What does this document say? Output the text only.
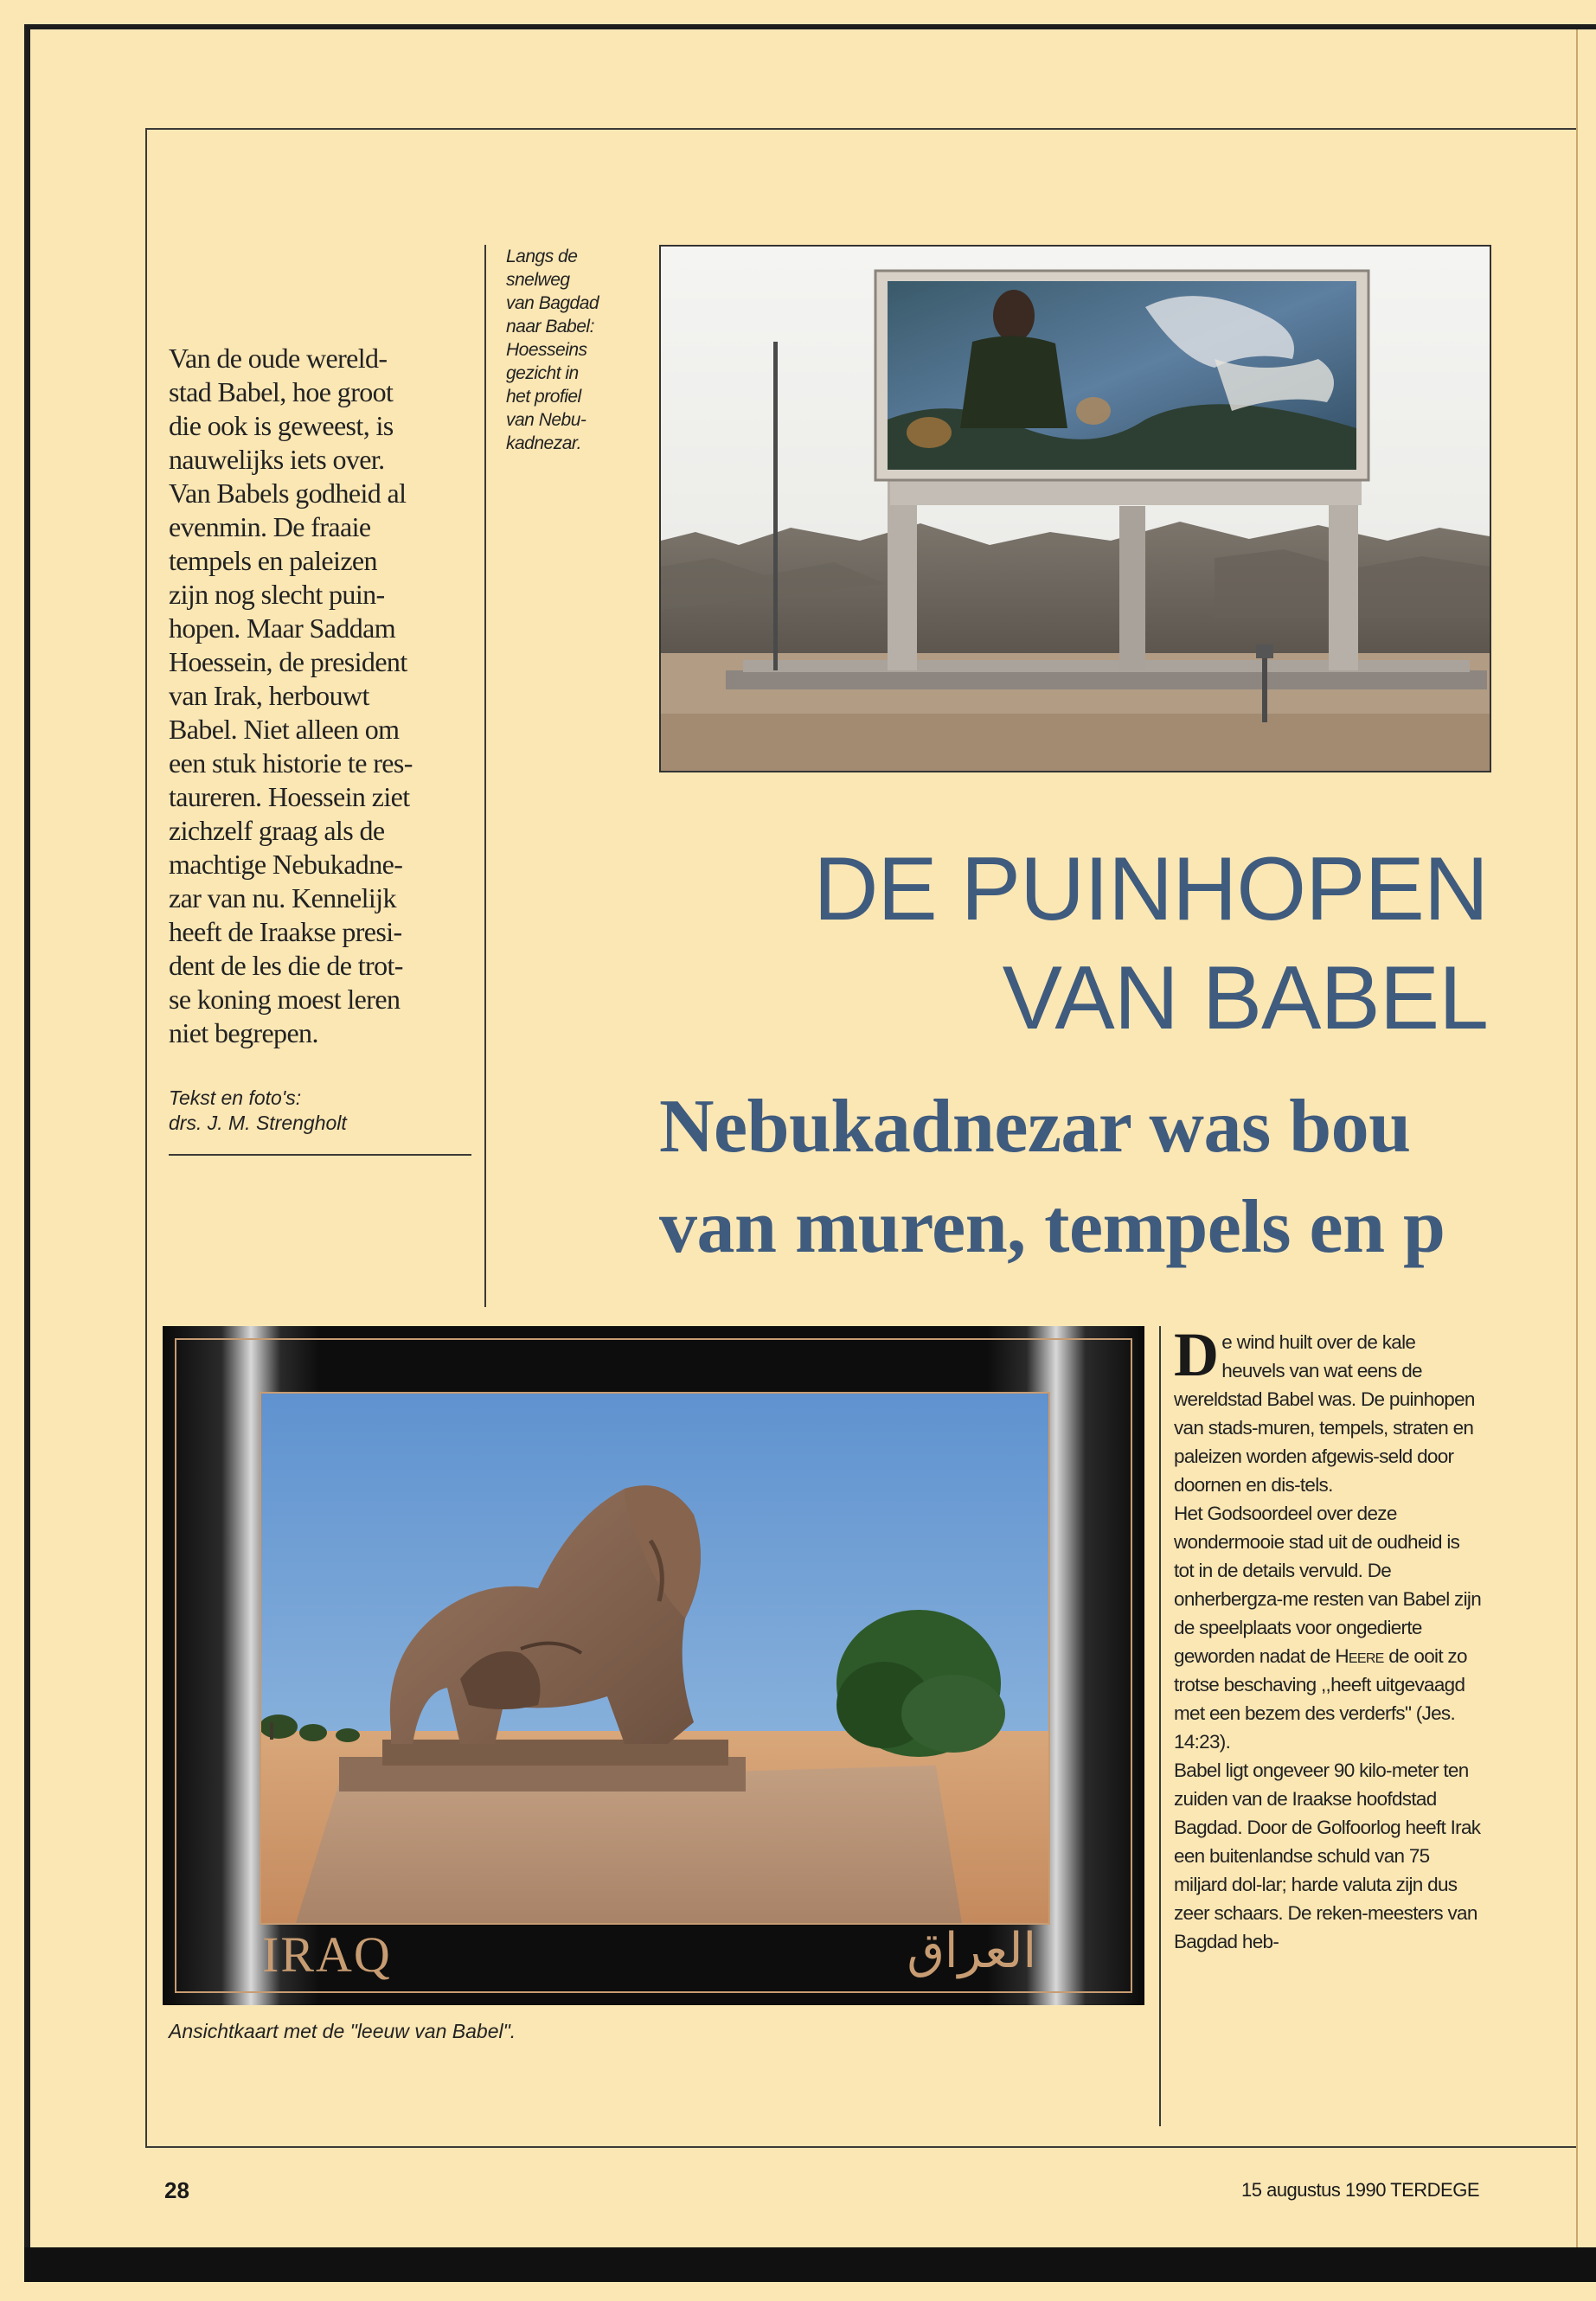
Van de oude wereld-
stad Babel, hoe groot
die ook is geweest, is
nauwelijks iets over.
Van Babels godheid al
evenmin. De fraaie
tempels en paleizen
zijn nog slecht puin-
hopen. Maar Saddam
Hoessein, de president
van Irak, herbouwt
Babel. Niet alleen om
een stuk historie te res-
taureren. Hoessein ziet
zichzelf graag als de
machtige Nebukadne-
zar van nu. Kennelijk
heeft de Iraakse presi-
dent de les die de trot-
se koning moest leren
niet begrepen.
Tekst en foto's:
drs. J. M. Strengholt
Langs de
snelweg
van Bagdad
naar Babel:
Hoesseins
gezicht in
het profiel
van Nebu-
kadnezar.
DE PUINHOPEN
VAN BABEL
Nebukadnezar was bou
van muren, tempels en p
IRAQ	العراق
Ansichtkaart met de "leeuw van Babel".

De wind huilt over de kale heuvels van wat eens de wereldstad Babel was. De puinhopen van stads-muren, tempels, straten en paleizen worden afgewis-seld door doornen en dis-tels.

Het Godsoordeel over deze wondermooie stad uit de oudheid is tot in de details vervuld. De onherbergza-me resten van Babel zijn de speelplaats voor ongedierte geworden nadat de Heere de ooit zo trotse beschaving ,,heeft uitgevaagd met een bezem des verderfs" (Jes. 14:23).

Babel ligt ongeveer 90 kilo-meter ten zuiden van de Iraakse hoofdstad Bagdad. Door de Golfoorlog heeft Irak een buitenlandse schuld van 75 miljard dol-lar; harde valuta zijn dus zeer schaars. De reken-meesters van Bagdad heb-

28	15 augustus 1990 TERDEGE
